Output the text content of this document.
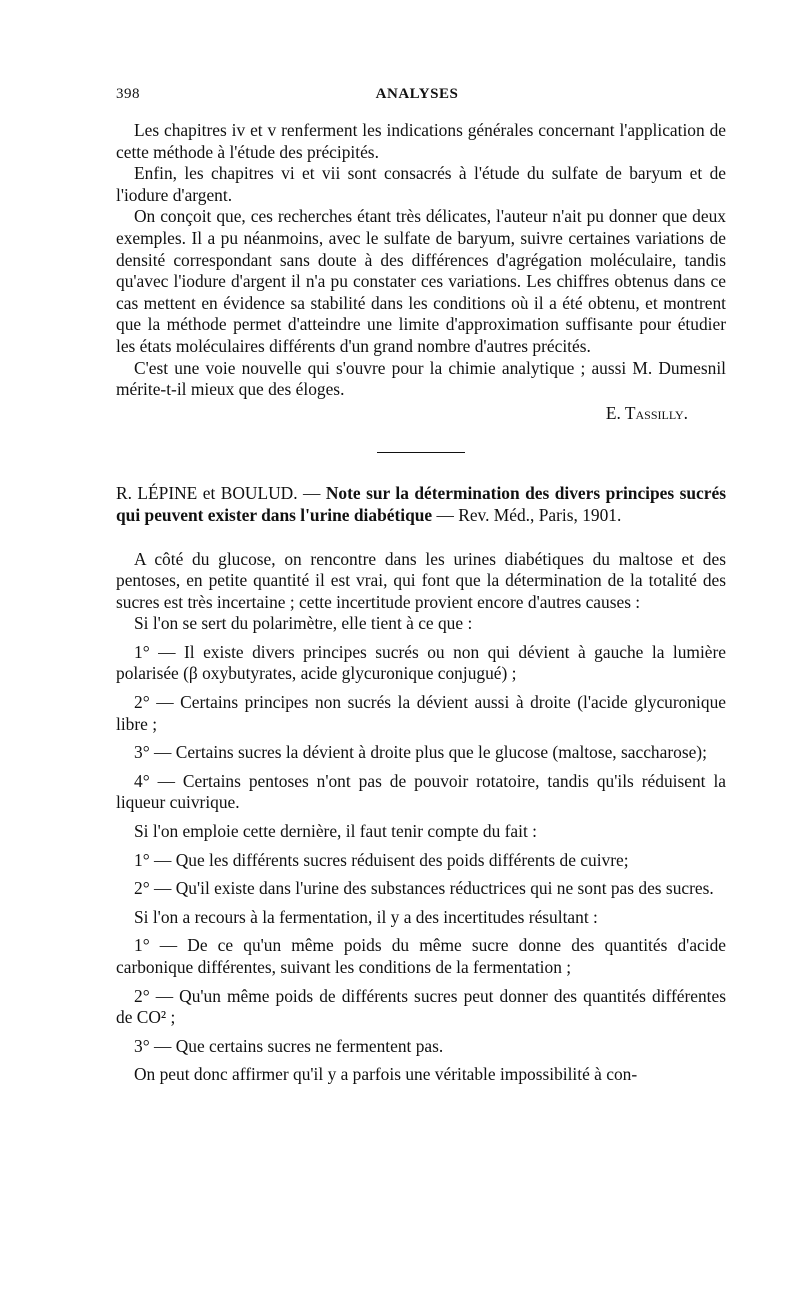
398	ANALYSES

Les chapitres iv et v renferment les indications générales concernant l'application de cette méthode à l'étude des précipités.

Enfin, les chapitres vi et vii sont consacrés à l'étude du sulfate de baryum et de l'iodure d'argent.

On conçoit que, ces recherches étant très délicates, l'auteur n'ait pu donner que deux exemples. Il a pu néanmoins, avec le sulfate de baryum, suivre certaines variations de densité correspondant sans doute à des différences d'agrégation moléculaire, tandis qu'avec l'iodure d'argent il n'a pu constater ces variations. Les chiffres obtenus dans ce cas mettent en évidence sa stabilité dans les conditions où il a été obtenu, et montrent que la méthode permet d'atteindre une limite d'approximation suffisante pour étudier les états moléculaires différents d'un grand nombre d'autres précités.

C'est une voie nouvelle qui s'ouvre pour la chimie analytique ; aussi M. Dumesnil mérite-t-il mieux que des éloges.

E. Tassilly.

R. LÉPINE et BOULUD. — Note sur la détermination des divers principes sucrés qui peuvent exister dans l'urine diabétique — Rev. Méd., Paris, 1901.

A côté du glucose, on rencontre dans les urines diabétiques du maltose et des pentoses, en petite quantité il est vrai, qui font que la détermination de la totalité des sucres est très incertaine ; cette incertitude provient encore d'autres causes :

Si l'on se sert du polarimètre, elle tient à ce que :

1° — Il existe divers principes sucrés ou non qui dévient à gauche la lumière polarisée (β oxybutyrates, acide glycuronique conjugué) ;

2° — Certains principes non sucrés la dévient aussi à droite (l'acide glycuronique libre ;

3° — Certains sucres la dévient à droite plus que le glucose (maltose, saccharose);

4° — Certains pentoses n'ont pas de pouvoir rotatoire, tandis qu'ils réduisent la liqueur cuivrique.

Si l'on emploie cette dernière, il faut tenir compte du fait :

1° — Que les différents sucres réduisent des poids différents de cuivre;

2° — Qu'il existe dans l'urine des substances réductrices qui ne sont pas des sucres.

Si l'on a recours à la fermentation, il y a des incertitudes résultant :

1° — De ce qu'un même poids du même sucre donne des quantités d'acide carbonique différentes, suivant les conditions de la fermentation ;

2° — Qu'un même poids de différents sucres peut donner des quantités différentes de CO² ;

3° — Que certains sucres ne fermentent pas.

On peut donc affirmer qu'il y a parfois une véritable impossibilité à con-
